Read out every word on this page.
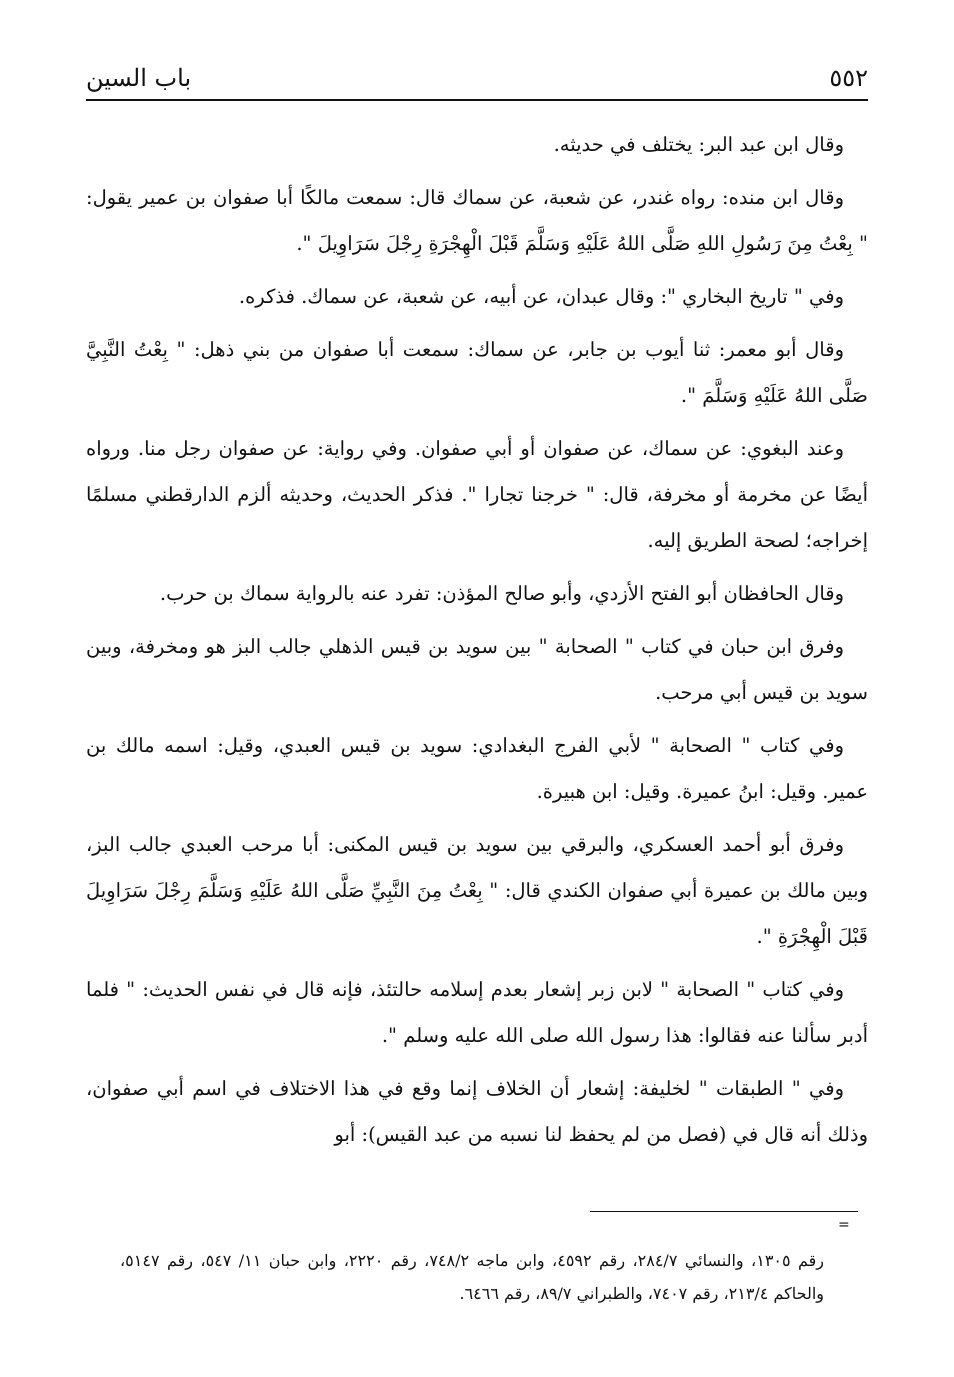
٥٥٢
باب السين

وقال ابن عبد البر: يختلف في حديثه.

وقال ابن منده: رواه غندر، عن شعبة، عن سماك قال: سمعت مالكًا أبا صفوان بن عمير يقول: " بِعْتُ مِنَ رَسُولِ اللهِ صَلَّى اللهُ عَلَيْهِ وَسَلَّمَ قَبْلَ الْهِجْرَةِ رِجْلَ سَرَاوِيلَ ".

وفي " تاريخ البخاري ": وقال عبدان، عن أبيه، عن شعبة، عن سماك. فذكره.

وقال أبو معمر: ثنا أيوب بن جابر، عن سماك: سمعت أبا صفوان من بني ذهل: " بِعْتُ النَّبِيَّ صَلَّى اللهُ عَلَيْهِ وَسَلَّمَ ".

وعند البغوي: عن سماك، عن صفوان أو أبي صفوان. وفي رواية: عن صفوان رجل منا. ورواه أيضًا عن مخرمة أو مخرفة، قال: " خرجنا تجارا ". فذكر الحديث، وحديثه ألزم الدارقطني مسلمًا إخراجه؛ لصحة الطريق إليه.

وقال الحافظان أبو الفتح الأزدي، وأبو صالح المؤذن: تفرد عنه بالرواية سماك بن حرب.

وفرق ابن حبان في كتاب " الصحابة " بين سويد بن قيس الذهلي جالب البز هو ومخرفة، وبين سويد بن قيس أبي مرحب.

وفي كتاب " الصحابة " لأبي الفرج البغدادي: سويد بن قيس العبدي، وقيل: اسمه مالك بن عمير. وقيل: ابنُ عميرة. وقيل: ابن هبيرة.

وفرق أبو أحمد العسكري، والبرقي بين سويد بن قيس المكنى: أبا مرحب العبدي جالب البز، وبين مالك بن عميرة أبي صفوان الكندي قال: " بِعْتُ مِنَ النَّبِيِّ صَلَّى اللهُ عَلَيْهِ وَسَلَّمَ رِجْلَ سَرَاوِيلَ قَبْلَ الْهِجْرَةِ ".

وفي كتاب " الصحابة " لابن زبر إشعار بعدم إسلامه حالتئذ، فإنه قال في نفس الحديث: " فلما أدبر سألنا عنه فقالوا: هذا رسول الله صلى الله عليه وسلم ".

وفي " الطبقات " لخليفة: إشعار أن الخلاف إنما وقع في هذا الاختلاف في اسم أبي صفوان، وذلك أنه قال في (فصل من لم يحفظ لنا نسبه من عبد القيس): أبو

=
رقم ١٣٠٥، والنسائي ٢٨٤/٧، رقم ٤٥٩٢، وابن ماجه ٧٤٨/٢، رقم ٢٢٢٠، وابن حبان ١١/ ٥٤٧، رقم ٥١٤٧، والحاكم ٢١٣/٤، رقم ٧٤٠٧، والطبراني ٨٩/٧، رقم ٦٤٦٦.
